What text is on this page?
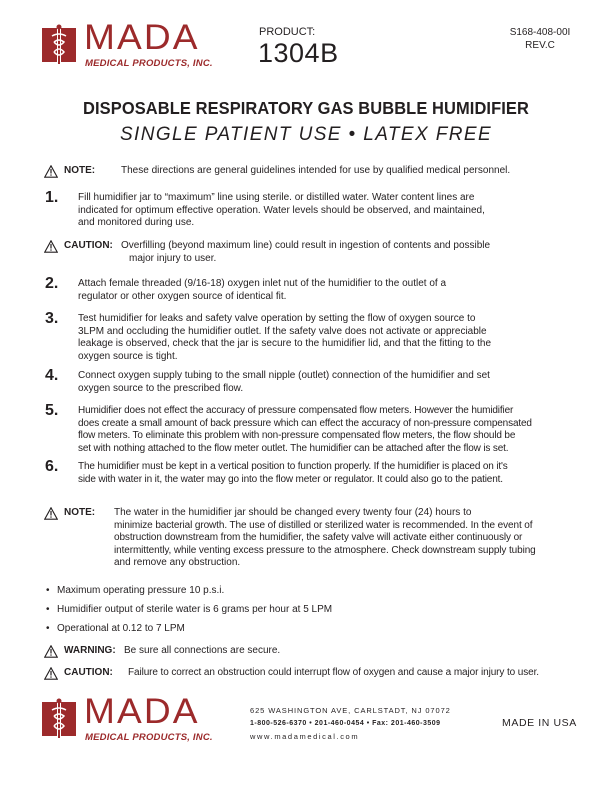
MADA
MEDICAL PRODUCTS, INC.
PRODUCT:
1304B
S168-408-00I
REV.C
DISPOSABLE RESPIRATORY GAS BUBBLE HUMIDIFIER
SINGLE PATIENT USE • LATEX FREE
NOTE:	These directions are general guidelines intended for use by qualified medical personnel.
1. Fill humidifier jar to “maximum” line using sterile. or distilled water. Water content lines are
indicated for optimum effective operation. Water levels should be observed, and maintained,
and monitored during use.
CAUTION: Overfilling (beyond maximum line) could result in ingestion of contents and possible
major injury to user.
2. Attach female threaded (9/16-18) oxygen inlet nut of the humidifier to the outlet of a
regulator or other oxygen source of identical fit.
3. Test humidifier for leaks and safety valve operation by setting the flow of oxygen source to
3LPM and occluding the humidifier outlet. If the safety valve does not activate or appreciable
leakage is observed, check that the jar is secure to the humidifier lid, and that the fitting to the
oxygen source is tight.
4. Connect oxygen supply tubing to the small nipple (outlet) connection of the humidifier and set
oxygen source to the prescribed flow.
5. Humidifier does not effect the accuracy of pressure compensated flow meters. However the humidifier
does create a small amount of back pressure which can effect the accuracy of non-pressure compensated
flow meters. To eliminate this problem with non-pressure compensated flow meters, the flow should be
set with nothing attached to the flow meter outlet. The humidifier can be attached after the flow is set.
6. The humidifier must be kept in a vertical position to function properly. If the humidifier is placed on it's
side with water in it, the water may go into the flow meter or regulator. It could also go to the patient.
NOTE: The water in the humidifier jar should be changed every twenty four (24) hours to
minimize bacterial growth. The use of distilled or sterilized water is recommended. In the event of
obstruction downstream from the humidifier, the safety valve will activate either continuously or
intermittently, while venting excess pressure to the atmosphere. Check downstream supply tubing
and remove any obstruction.
• Maximum operating pressure 10 p.s.i.
• Humidifier output of sterile water is 6 grams per hour at 5 LPM
• Operational at 0.12 to 7 LPM
WARNING: Be sure all connections are secure.
CAUTION: Failure to correct an obstruction could interrupt flow of oxygen and cause a major injury to user.
MADA
MEDICAL PRODUCTS, INC.
625 WASHINGTON AVE, CARLSTADT, NJ 07072
1-800-526-6370 • 201-460-0454 • Fax: 201-460-3509
www.madamedical.com
MADE IN USA
